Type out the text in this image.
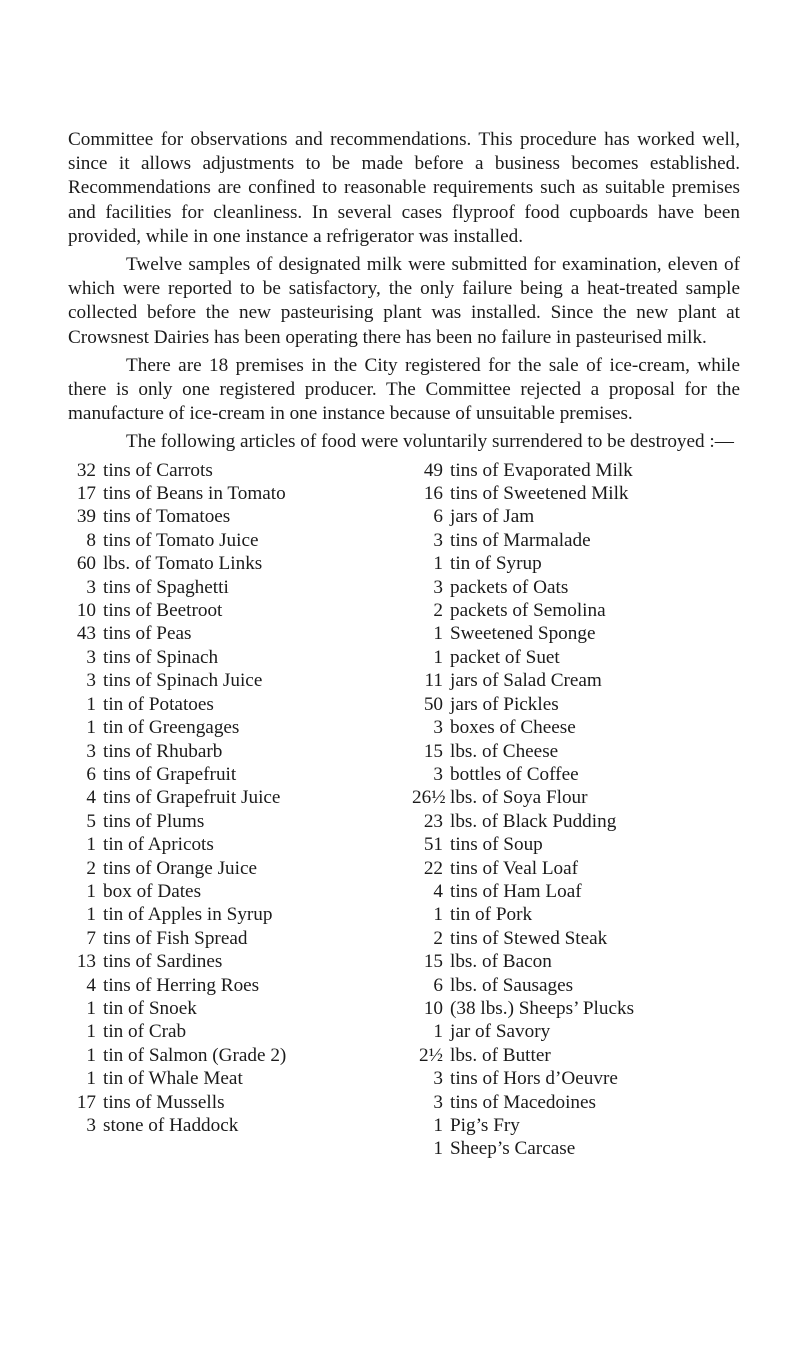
Committee for observations and recommendations. This procedure has worked well, since it allows adjustments to be made before a business becomes established. Recommendations are confined to reasonable requirements such as suitable premises and facilities for cleanliness. In several cases flyproof food cupboards have been provided, while in one instance a refrigerator was installed.

Twelve samples of designated milk were submitted for examination, eleven of which were reported to be satisfactory, the only failure being a heat-treated sample collected before the new pasteurising plant was installed. Since the new plant at Crowsnest Dairies has been operating there has been no failure in pasteurised milk.

There are 18 premises in the City registered for the sale of ice-cream, while there is only one registered producer. The Committee rejected a proposal for the manufacture of ice-cream in one instance because of unsuitable premises.

The following articles of food were voluntarily surrendered to be destroyed :—

32 tins of Carrots
17 tins of Beans in Tomato
39 tins of Tomatoes
8 tins of Tomato Juice
60 lbs. of Tomato Links
3 tins of Spaghetti
10 tins of Beetroot
43 tins of Peas
3 tins of Spinach
3 tins of Spinach Juice
1 tin of Potatoes
1 tin of Greengages
3 tins of Rhubarb
6 tins of Grapefruit
4 tins of Grapefruit Juice
5 tins of Plums
1 tin of Apricots
2 tins of Orange Juice
1 box of Dates
1 tin of Apples in Syrup
7 tins of Fish Spread
13 tins of Sardines
4 tins of Herring Roes
1 tin of Snoek
1 tin of Crab
1 tin of Salmon (Grade 2)
1 tin of Whale Meat
17 tins of Mussells
3 stone of Haddock
49 tins of Evaporated Milk
16 tins of Sweetened Milk
6 jars of Jam
3 tins of Marmalade
1 tin of Syrup
3 packets of Oats
2 packets of Semolina
1 Sweetened Sponge
1 packet of Suet
11 jars of Salad Cream
50 jars of Pickles
3 boxes of Cheese
15 lbs. of Cheese
3 bottles of Coffee
26½ lbs. of Soya Flour
23 lbs. of Black Pudding
51 tins of Soup
22 tins of Veal Loaf
4 tins of Ham Loaf
1 tin of Pork
2 tins of Stewed Steak
15 lbs. of Bacon
6 lbs. of Sausages
10 (38 lbs.) Sheeps’ Plucks
1 jar of Savory
2½ lbs. of Butter
3 tins of Hors d’Oeuvre
3 tins of Macedoines
1 Pig’s Fry
1 Sheep’s Carcase
